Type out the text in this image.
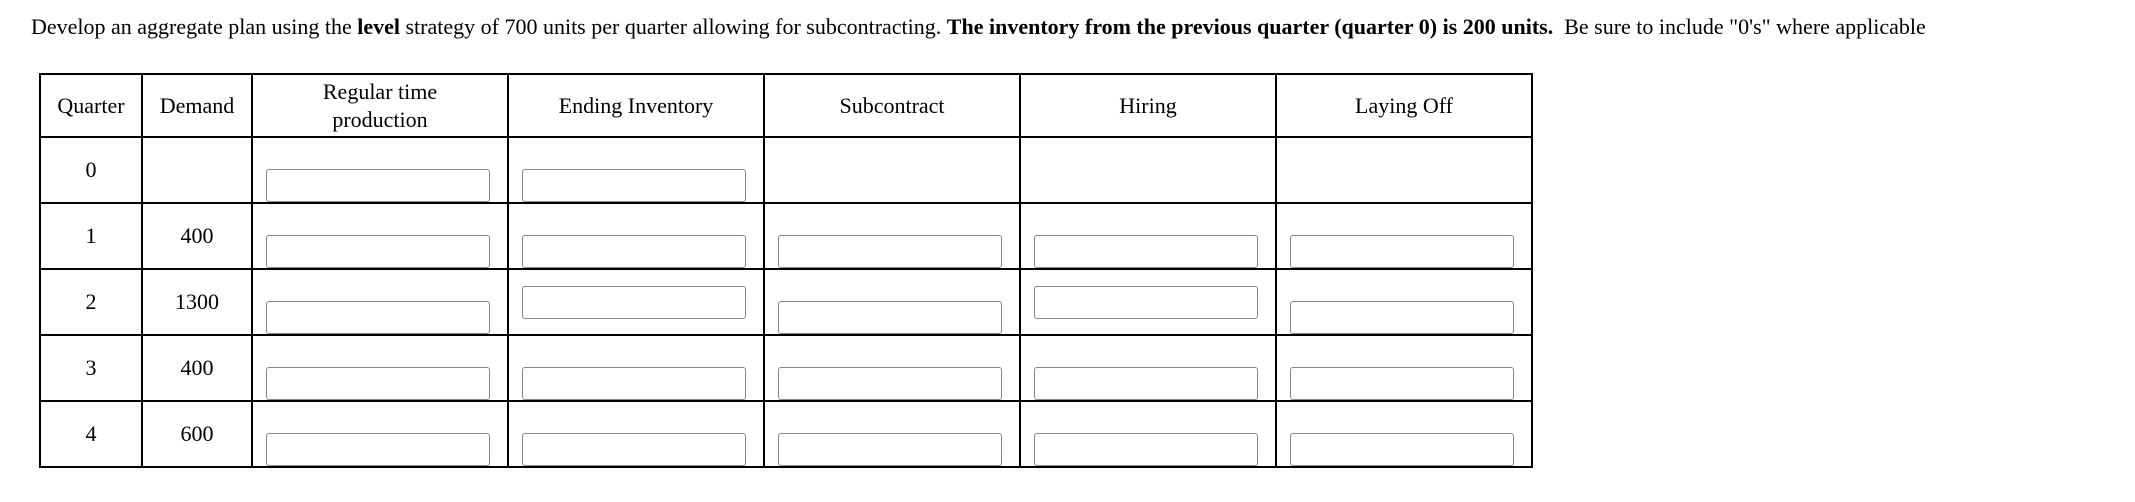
Develop an aggregate plan using the level strategy of 700 units per quarter allowing for subcontracting. The inventory from the previous quarter (quarter 0) is 200 units.  Be sure to include "0's" where applicable

Quarter	Demand	Regular time production	Ending Inventory	Subcontract	Hiring	Laying Off
0		

1	400	

2	1300	

3	400	

4	600	
